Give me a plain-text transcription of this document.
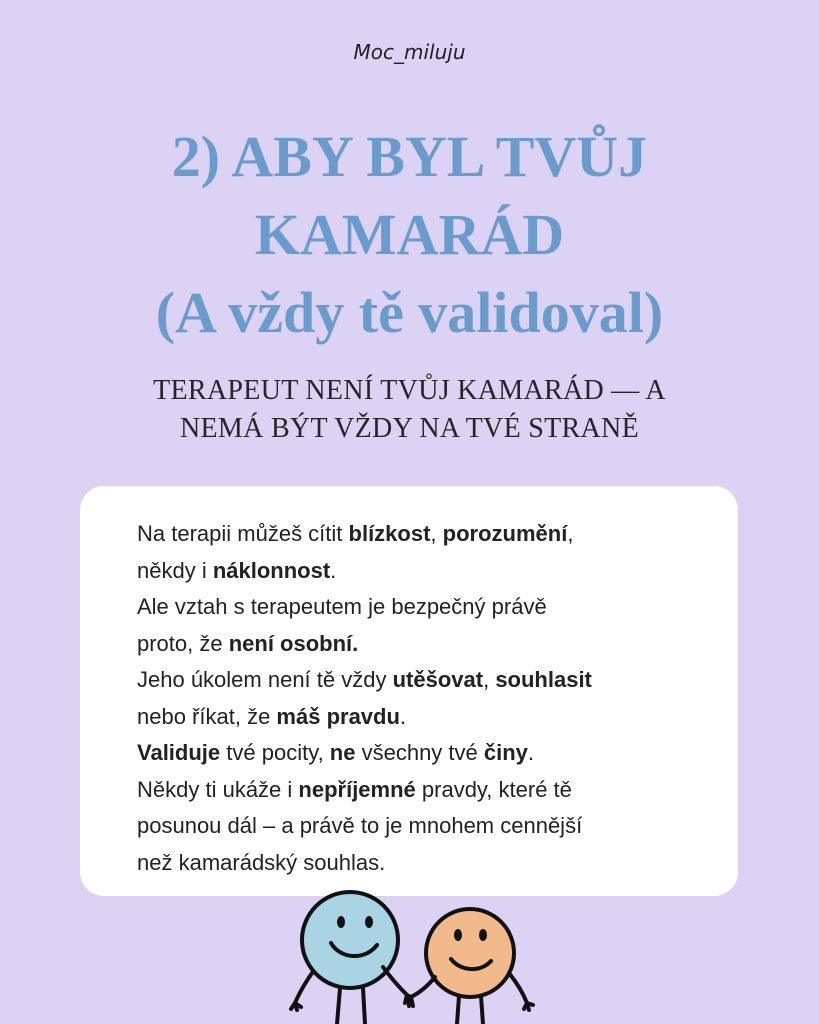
Moc_miluju
2) ABY BYL TVŮJ
KAMARÁD
(A vždy tě validoval)
TERAPEUT NENÍ TVŮJ KAMARÁD — A
NEMÁ BÝT VŽDY NA TVÉ STRANĚ
Na terapii můžeš cítit blízkost, porozumění,
někdy i náklonnost.
Ale vztah s terapeutem je bezpečný právě
proto, že není osobní.
Jeho úkolem není tě vždy utěšovat, souhlasit
nebo říkat, že máš pravdu.
Validuje tvé pocity, ne všechny tvé činy.
Někdy ti ukáže i nepříjemné pravdy, které tě
posunou dál – a právě to je mnohem cennější
než kamarádský souhlas.
